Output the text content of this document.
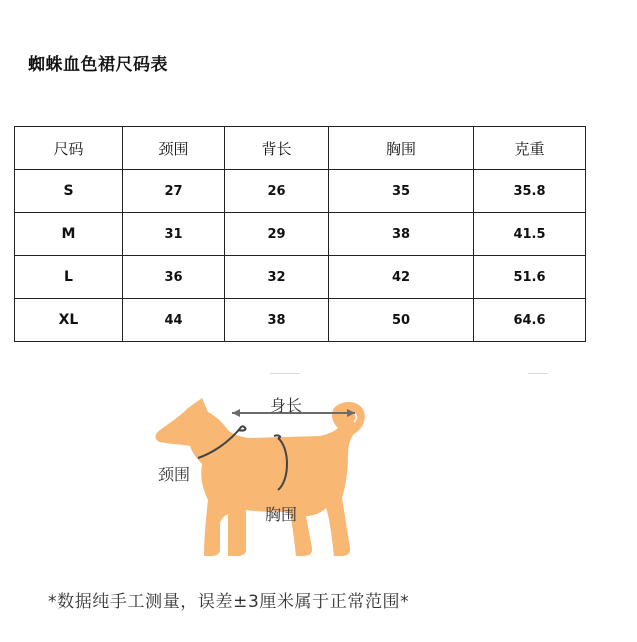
蜘蛛血色裙尺码表
尺码	颈围	背长	胸围	克重
S	27	26	35	35.8
M	31	29	38	41.5
L	36	32	42	51.6
XL	44	38	50	64.6
身长
颈围
胸围
*数据纯手工测量，误差±3厘米属于正常范围*
